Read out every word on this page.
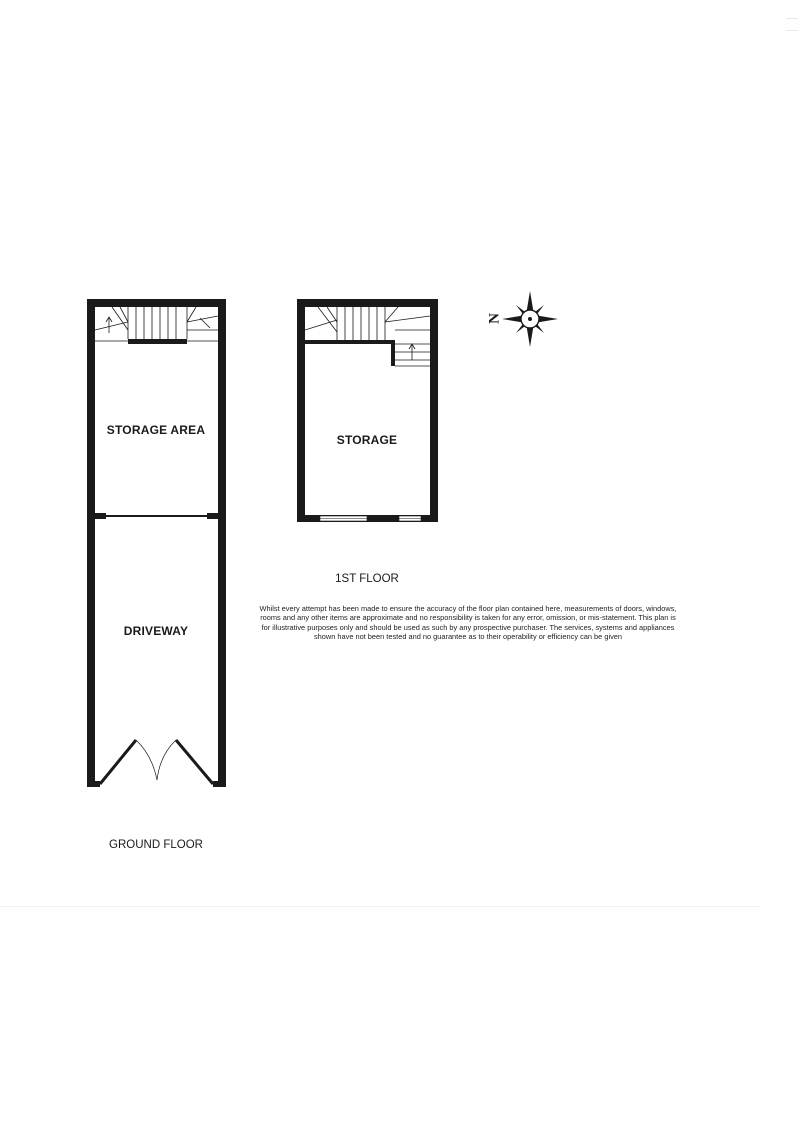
N
STORAGE AREA
DRIVEWAY
STORAGE
1ST FLOOR
GROUND FLOOR
Whilst every attempt has been made to ensure the accuracy of the floor plan contained here, measurements of doors, windows, rooms and any other items are approximate and no responsibility is taken for any error, omission, or mis-statement. This plan is for illustrative purposes only and should be used as such by any prospective purchaser. The services, systems and appliances shown have not been tested and no guarantee as to their operability or efficiency can be given
